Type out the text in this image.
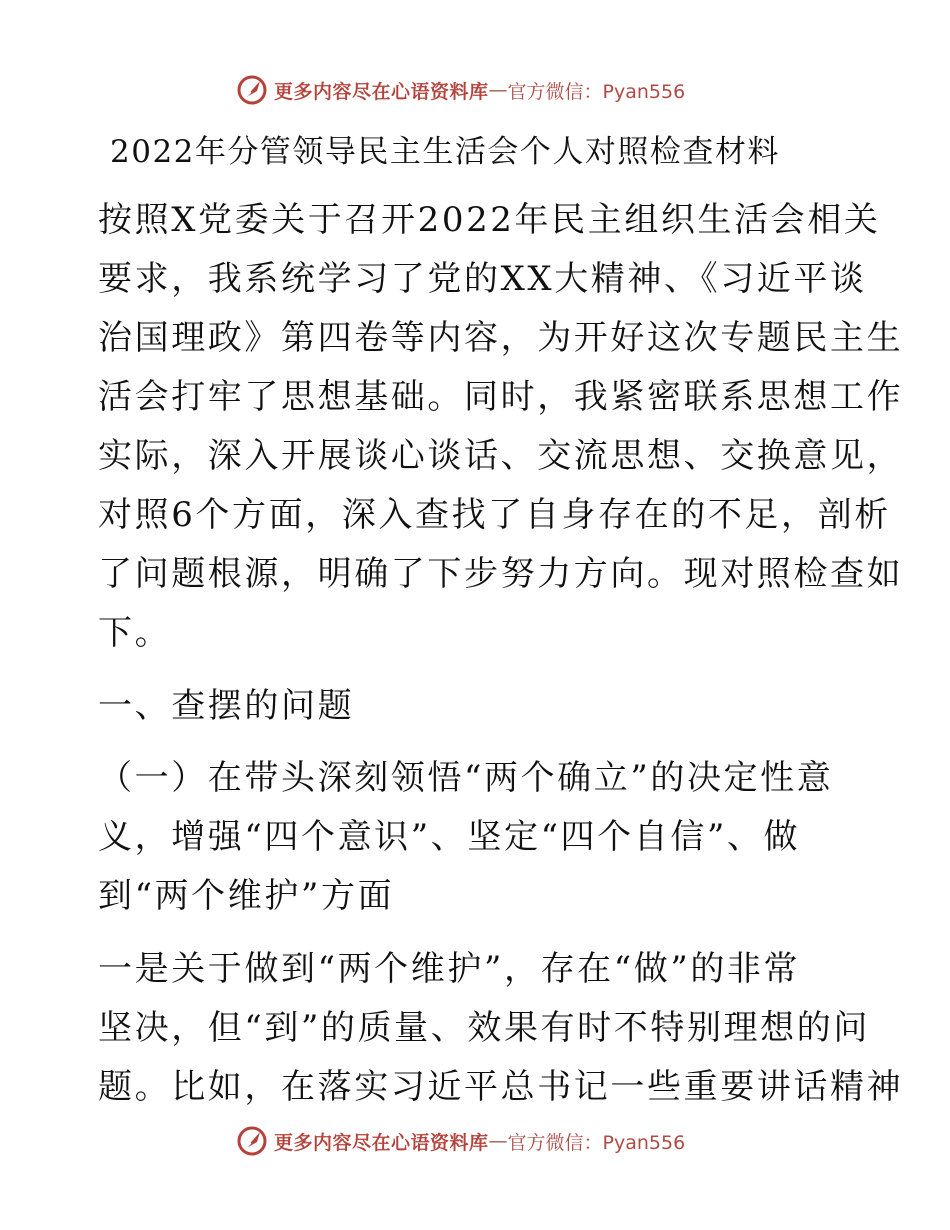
更多内容尽在心语资料库 — 官方微信：Pyan556
2022年分管领导民主生活会个人对照检查材料
按照X党委关于召开2022年民主组织生活会相关
要求，我系统学习了党的XX大精神、《习近平谈
治国理政》第四卷等内容，为开好这次专题民主生
活会打牢了思想基础。同时，我紧密联系思想工作
实际，深入开展谈心谈话、交流思想、交换意见，
对照6个方面，深入查找了自身存在的不足，剖析
了问题根源，明确了下步努力方向。现对照检查如
下。
一、查摆的问题
（一）在带头深刻领悟“两个确立”的决定性意
义，增强“四个意识”、坚定“四个自信”、做
到“两个维护”方面
一是关于做到“两个维护”，存在“做”的非常
坚决，但“到”的质量、效果有时不特别理想的问
题。比如，在落实习近平总书记一些重要讲话精神
更多内容尽在心语资料库 — 官方微信：Pyan556
